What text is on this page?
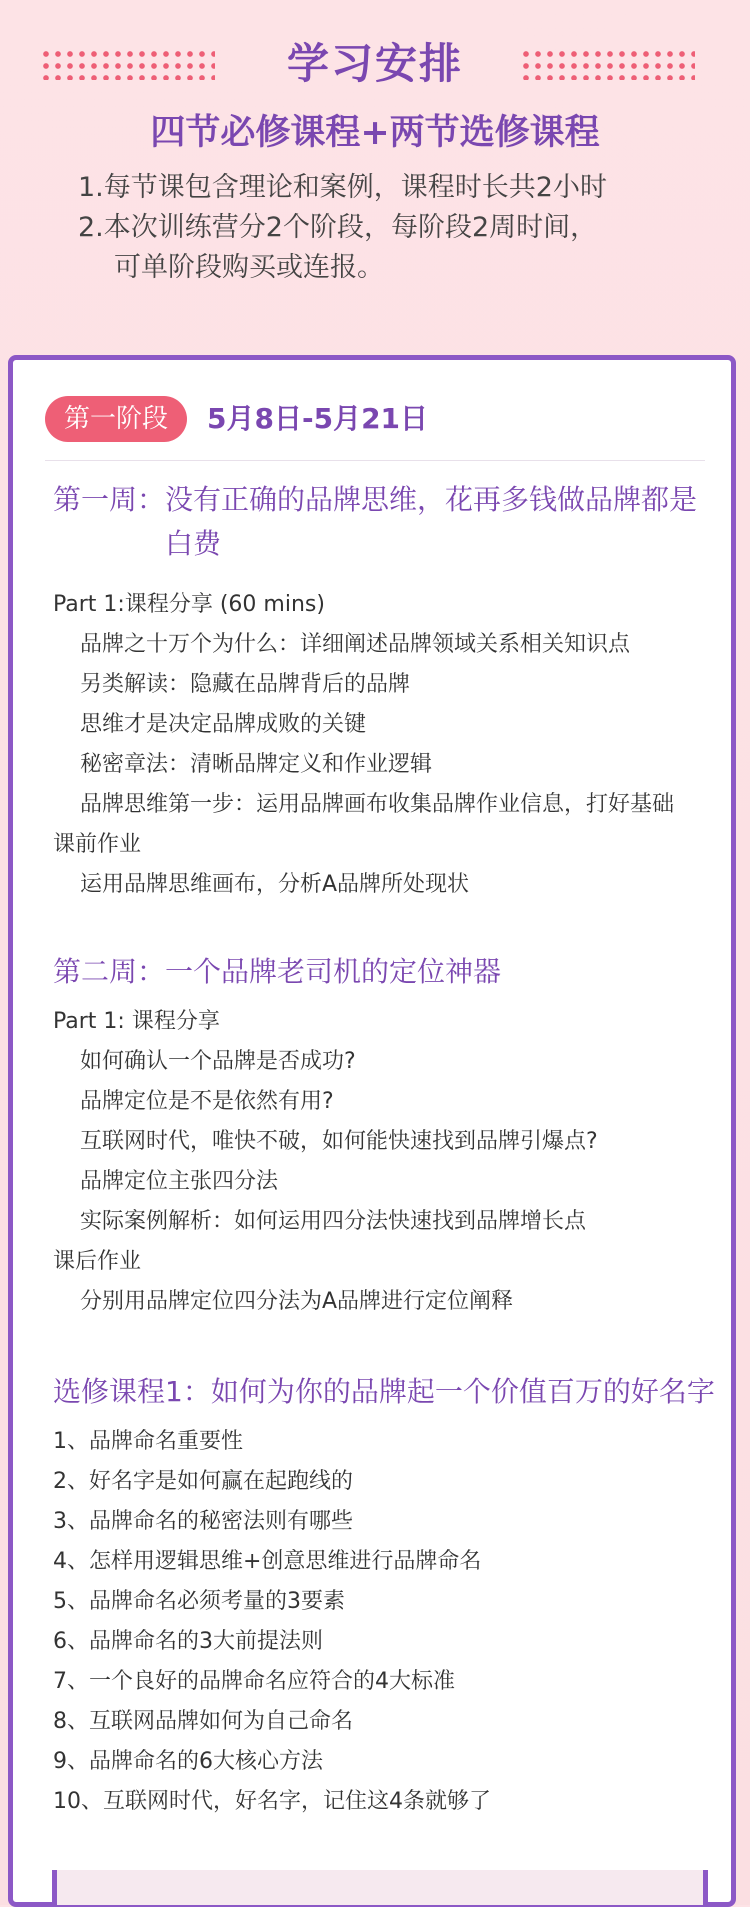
学习安排
四节必修课程+两节选修课程
1.每节课包含理论和案例，课程时长共2小时
2.本次训练营分2个阶段，每阶段2周时间，
可单阶段购买或连报。
第一阶段	5月8日-5月21日
第一周： 没有正确的品牌思维，花再多钱做品牌都是白费
Part 1:课程分享 (60 mins)
品牌之十万个为什么：详细阐述品牌领域关系相关知识点
另类解读：隐藏在品牌背后的品牌
思维才是决定品牌成败的关键
秘密章法：清晰品牌定义和作业逻辑
品牌思维第一步：运用品牌画布收集品牌作业信息，打好基础
课前作业
运用品牌思维画布，分析A品牌所处现状
第二周： 一个品牌老司机的定位神器
Part 1: 课程分享
如何确认一个品牌是否成功?
品牌定位是不是依然有用?
互联网时代，唯快不破，如何能快速找到品牌引爆点?
品牌定位主张四分法
实际案例解析：如何运用四分法快速找到品牌增长点
课后作业
分别用品牌定位四分法为A品牌进行定位阐释
选修课程1：如何为你的品牌起一个价值百万的好名字
1、品牌命名重要性
2、好名字是如何赢在起跑线的
3、品牌命名的秘密法则有哪些
4、怎样用逻辑思维+创意思维进行品牌命名
5、品牌命名必须考量的3要素
6、品牌命名的3大前提法则
7、一个良好的品牌命名应符合的4大标准
8、互联网品牌如何为自己命名
9、品牌命名的6大核心方法
10、互联网时代，好名字，记住这4条就够了
